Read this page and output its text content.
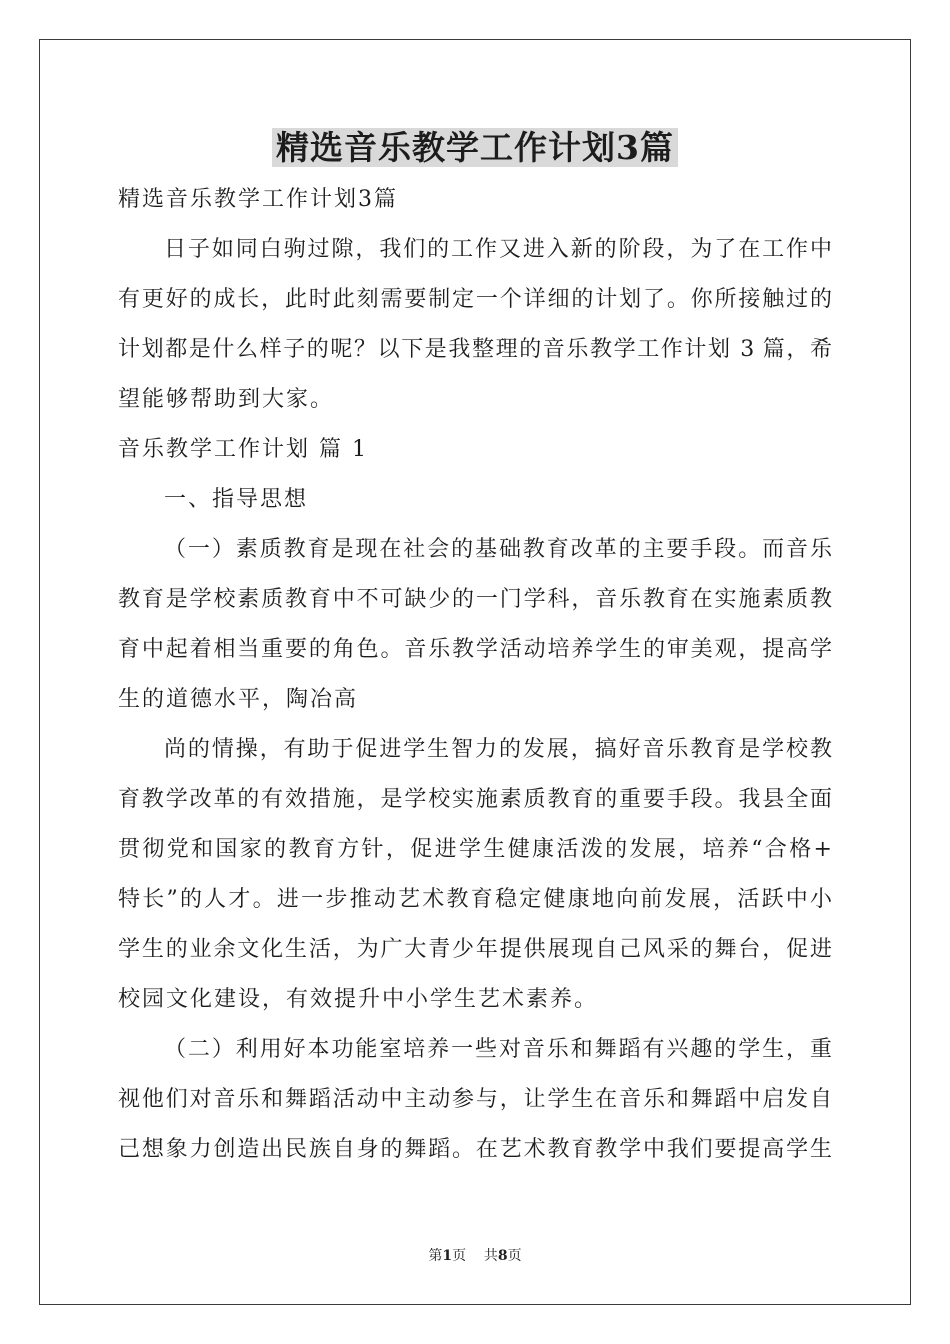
精选音乐教学工作计划3篇
精选音乐教学工作计划3篇
日子如同白驹过隙，我们的工作又进入新的阶段，为了在工作中
有更好的成长，此时此刻需要制定一个详细的计划了。你所接触过的
计划都是什么样子的呢？以下是我整理的音乐教学工作计划 3 篇，希
望能够帮助到大家。
音乐教学工作计划 篇 1
一、指导思想
（一）素质教育是现在社会的基础教育改革的主要手段。而音乐
教育是学校素质教育中不可缺少的一门学科，音乐教育在实施素质教
育中起着相当重要的角色。音乐教学活动培养学生的审美观，提高学
生的道德水平，陶冶高
尚的情操，有助于促进学生智力的发展，搞好音乐教育是学校教
育教学改革的有效措施，是学校实施素质教育的重要手段。我县全面
贯彻党和国家的教育方针，促进学生健康活泼的发展，培养“合格+
特长”的人才。进一步推动艺术教育稳定健康地向前发展，活跃中小
学生的业余文化生活，为广大青少年提供展现自己风采的舞台，促进
校园文化建设，有效提升中小学生艺术素养。
（二）利用好本功能室培养一些对音乐和舞蹈有兴趣的学生，重
视他们对音乐和舞蹈活动中主动参与，让学生在音乐和舞蹈中启发自
己想象力创造出民族自身的舞蹈。在艺术教育教学中我们要提高学生
第1页 共8页
